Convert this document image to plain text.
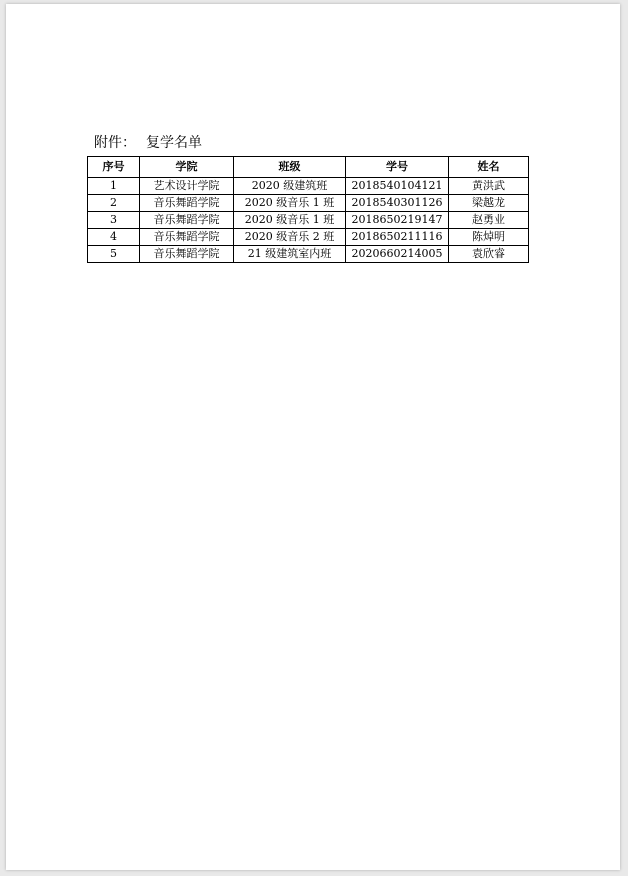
附件： 复学名单
序号	学院	班级	学号	姓名
1	艺术设计学院	2020 级建筑班	2018540104121	黄洪武
2	音乐舞蹈学院	2020 级音乐 1 班	2018540301126	梁越龙
3	音乐舞蹈学院	2020 级音乐 1 班	2018650219147	赵勇业
4	音乐舞蹈学院	2020 级音乐 2 班	2018650211116	陈焯明
5	音乐舞蹈学院	21 级建筑室内班	2020660214005	袁欣睿
